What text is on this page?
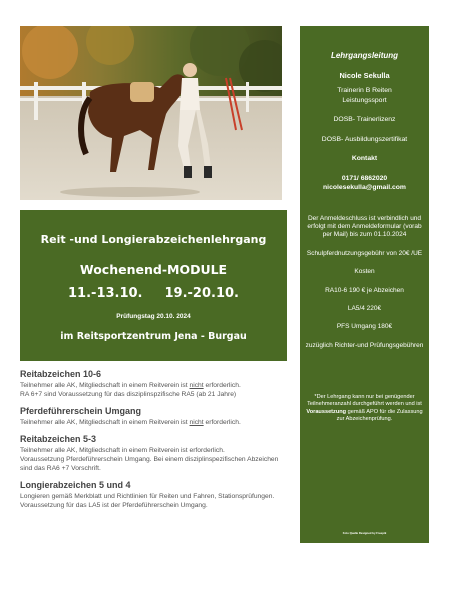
Reit -und Longierabzeichenlehrgang
Wochenend-MODULE
11.-13.10. 19.-20.10.
Prüfungstag 20.10. 2024
im Reitsportzentrum Jena - Burgau
Reitabzeichen 10-6

Teilnehmer alle AK, Mitgliedschaft in einem Reitverein ist nicht erforderlich.
RA 6+7 sind Voraussetzung für das disziplinspzifische RA5 (ab 21 Jahre)

Pferdeführerschein Umgang

Teilnehmer alle AK, Mitgliedschaft in einem Reitverein ist nicht erforderlich.

Reitabzeichen 5-3

Teilnehmer alle AK, Mitgliedschaft in einem Reitverein ist erforderlich.
Voraussetzung Pferdeführerschein Umgang. Bei einem disziplinspezifischen Abzeichen sind das RA6 +7 Vorschrift.

Longierabzeichen 5 und 4

Longieren gemäß Merkblatt und Richtlinien für Reiten und Fahren, Stationsprüfungen. Voraussetzung für das LA5 ist der Pferdeführerschein Umgang.

Lehrgangsleitung
Nicole Sekulla
Trainerin B Reiten
Leistungssport
DOSB- Trainerlizenz
DOSB- Ausbildungszertifikat
Kontakt
0171/ 6862020
nicolesekulla@gmail.com
Der Anmeldeschluss ist verbindlich und erfolgt mit dem Anmeldeformular (vorab per Mail) bis zum 01.10.2024
Schulpferdnutzungsgebühr von 20€ /UE
Kosten
RA10-6 190 € je Abzeichen
LA5/4 220€
PFS Umgang 180€
zuzüglich Richter-und Prüfungsgebühren
*Der Lehrgang kann nur bei genügender Teilnehmeranzahl durchgeführt werden und ist Voraussetzung gemäß APO für die Zulassung zur Abzeichenprüfung.
Foto Quelle Designed by Freepik
